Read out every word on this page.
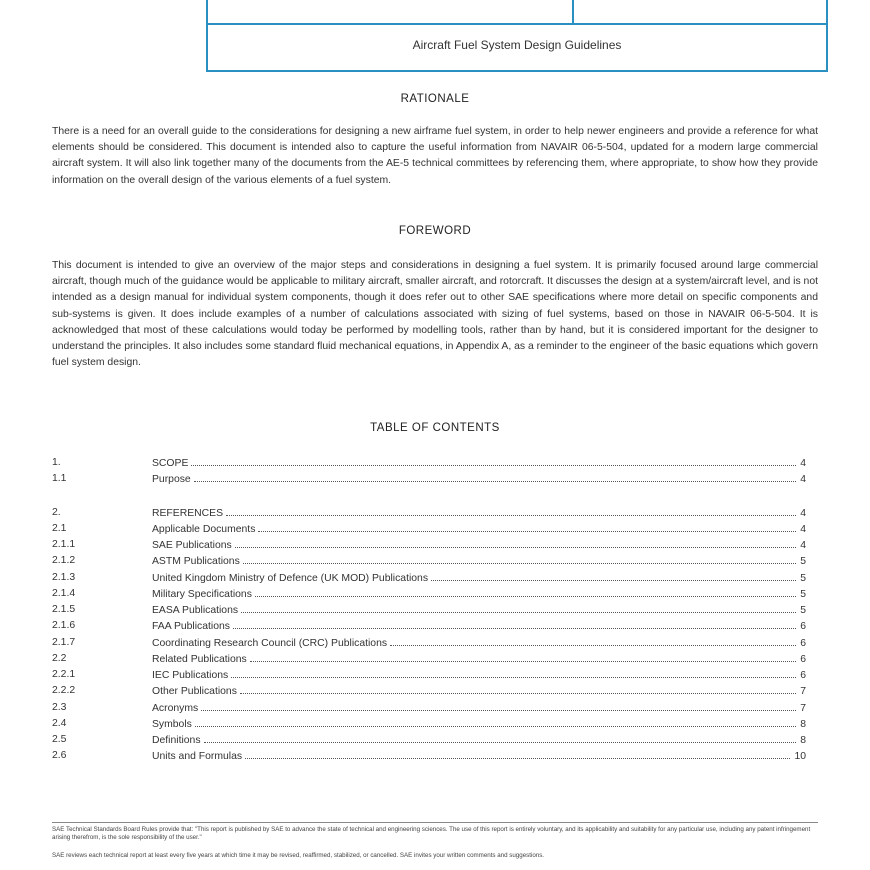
Aircraft Fuel System Design Guidelines
RATIONALE
There is a need for an overall guide to the considerations for designing a new airframe fuel system, in order to help newer engineers and provide a reference for what elements should be considered. This document is intended also to capture the useful information from NAVAIR 06-5-504, updated for a modern large commercial aircraft system. It will also link together many of the documents from the AE-5 technical committees by referencing them, where appropriate, to show how they provide information on the overall design of the various elements of a fuel system.
FOREWORD
This document is intended to give an overview of the major steps and considerations in designing a fuel system. It is primarily focused around large commercial aircraft, though much of the guidance would be applicable to military aircraft, smaller aircraft, and rotorcraft. It discusses the design at a system/aircraft level, and is not intended as a design manual for individual system components, though it does refer out to other SAE specifications where more detail on specific components and sub-systems is given. It does include examples of a number of calculations associated with sizing of fuel systems, based on those in NAVAIR 06-5-504. It is acknowledged that most of these calculations would today be performed by modelling tools, rather than by hand, but it is considered important for the designer to understand the principles. It also includes some standard fluid mechanical equations, in Appendix A, as a reminder to the engineer of the basic equations which govern fuel system design.
TABLE OF CONTENTS
1.	SCOPE	4
1.1	Purpose	4
2.	REFERENCES	4
2.1	Applicable Documents	4
2.1.1	SAE Publications	4
2.1.2	ASTM Publications	5
2.1.3	United Kingdom Ministry of Defence (UK MOD) Publications	5
2.1.4	Military Specifications	5
2.1.5	EASA Publications	5
2.1.6	FAA Publications	6
2.1.7	Coordinating Research Council (CRC) Publications	6
2.2	Related Publications	6
2.2.1	IEC Publications	6
2.2.2	Other Publications	7
2.3	Acronyms	7
2.4	Symbols	8
2.5	Definitions	8
2.6	Units and Formulas	10
SAE Technical Standards Board Rules provide that: "This report is published by SAE to advance the state of technical and engineering sciences. The use of this report is entirely voluntary, and its applicability and suitability for any particular use, including any patent infringement arising therefrom, is the sole responsibility of the user."
SAE reviews each technical report at least every five years at which time it may be revised, reaffirmed, stabilized, or cancelled. SAE invites your written comments and suggestions.
